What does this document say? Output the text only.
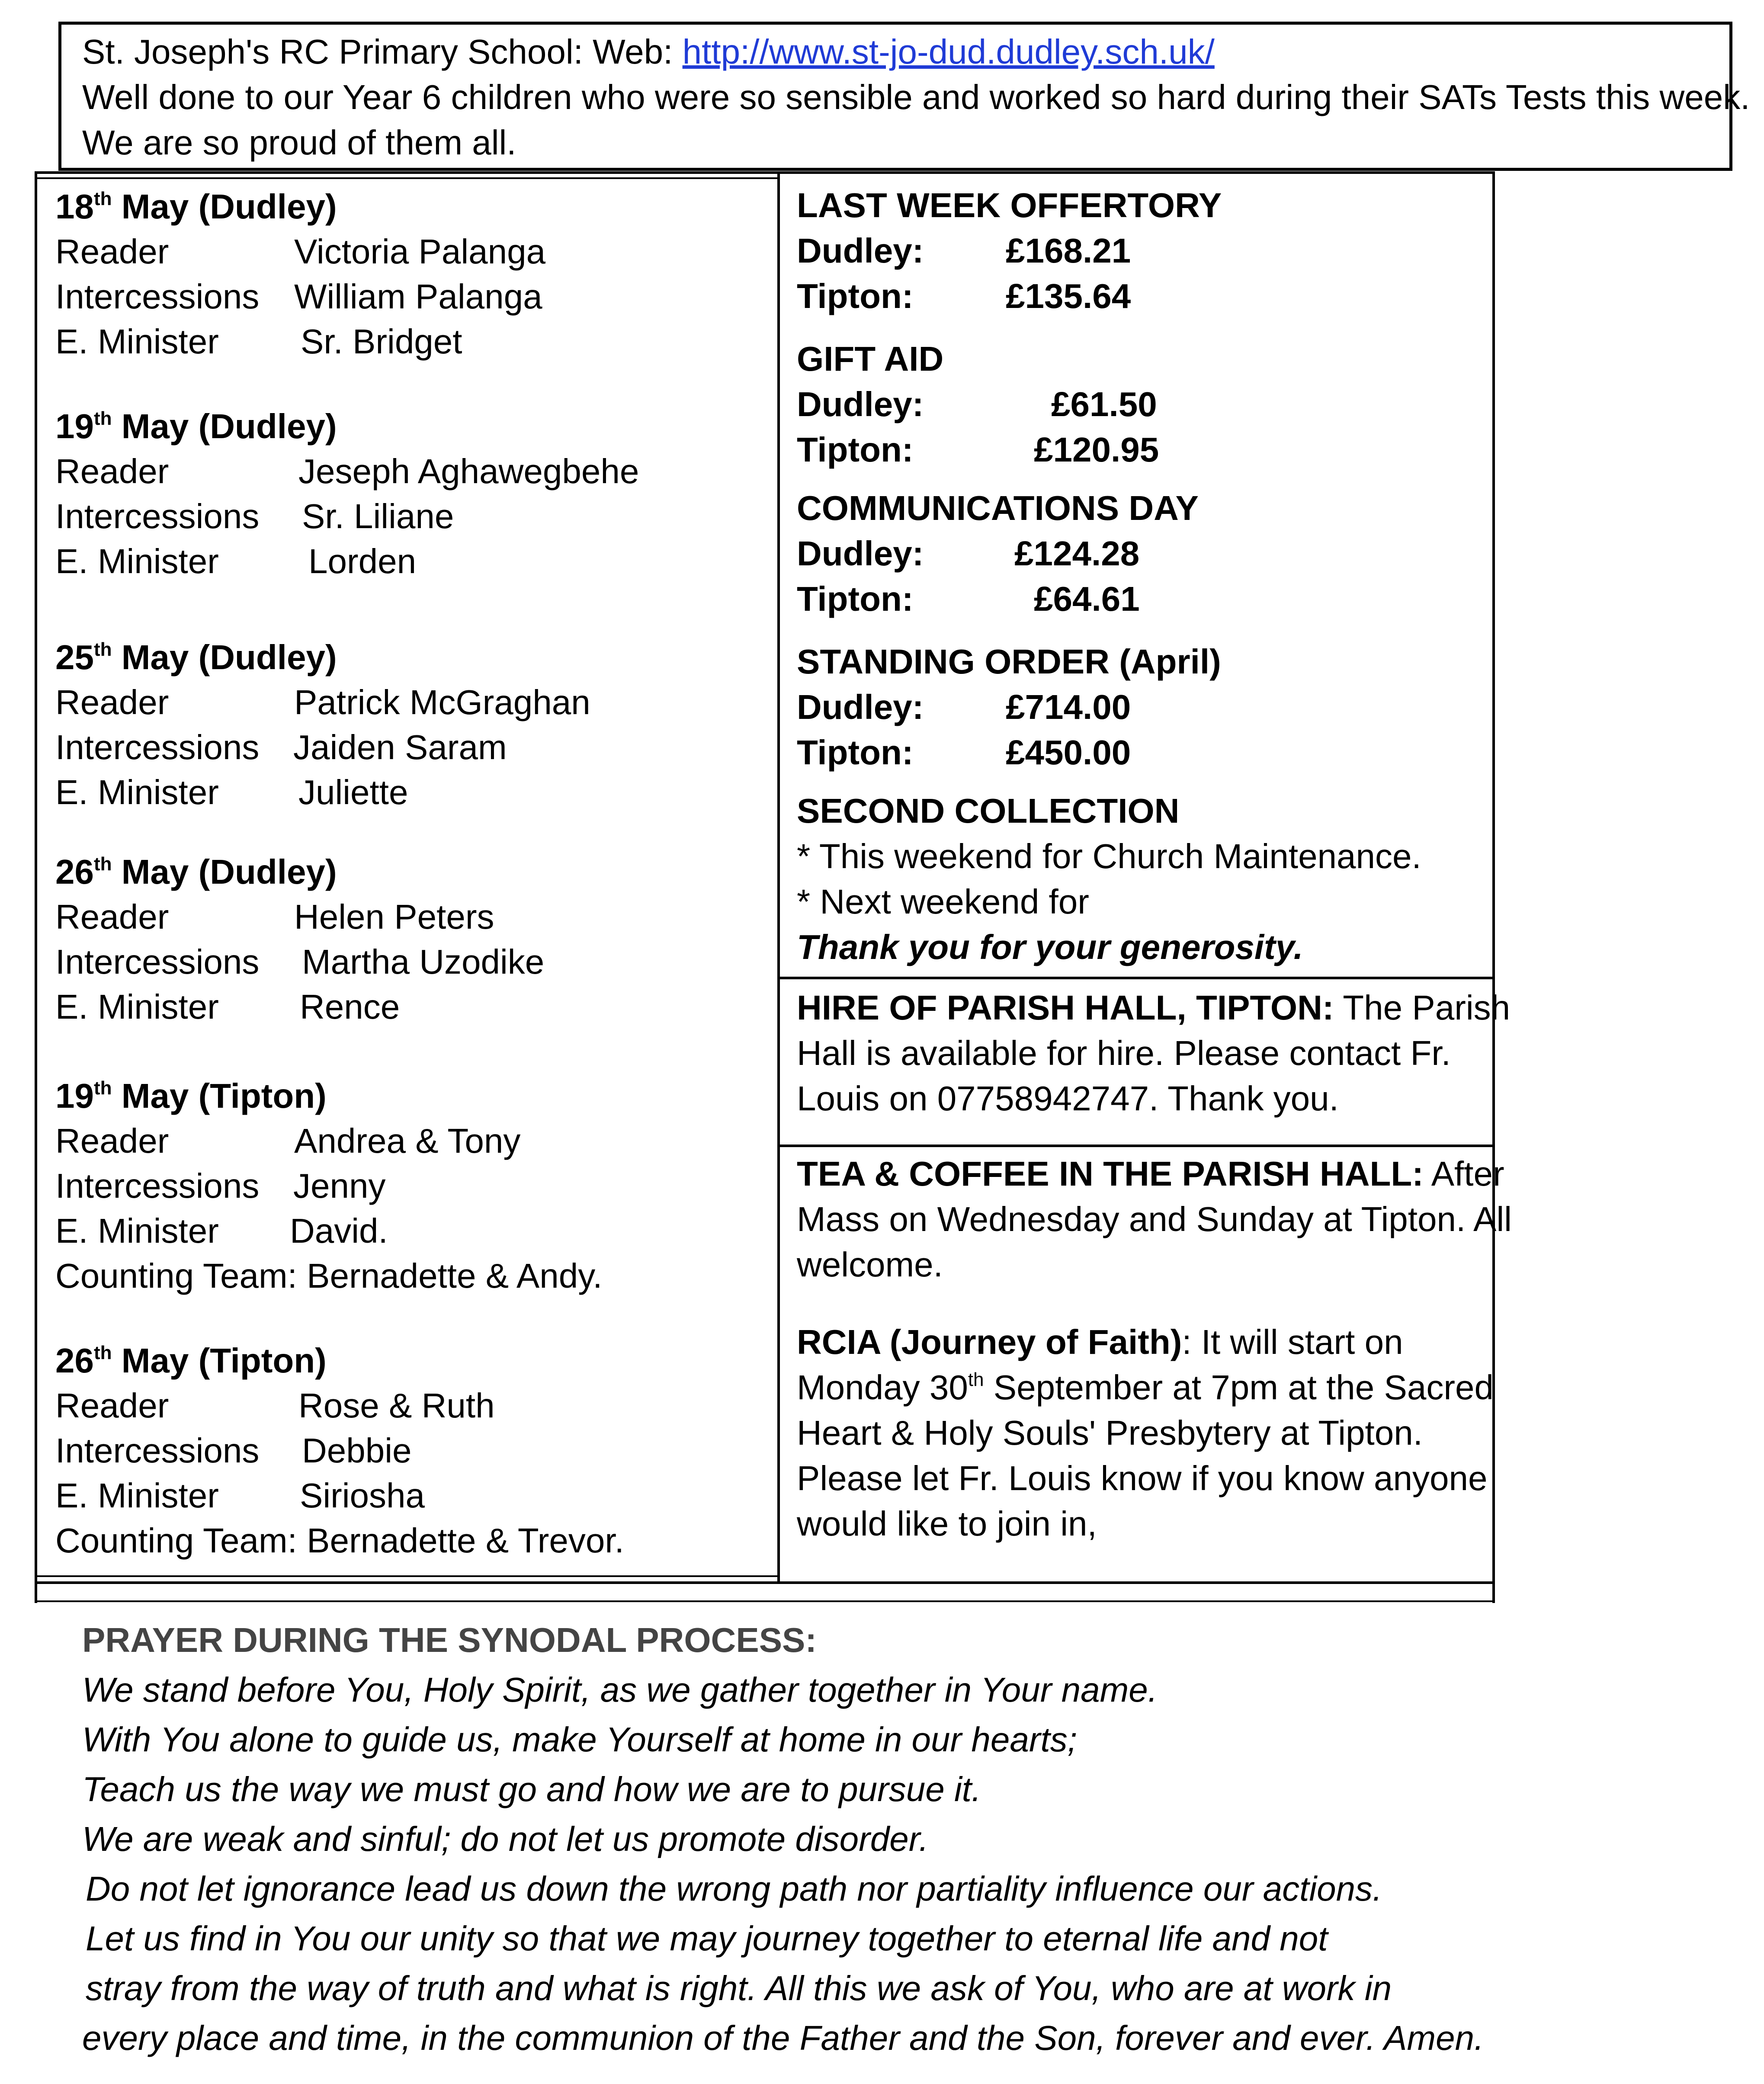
St. Joseph's RC Primary School: Web: http://www.st-jo-dud.dudley.sch.uk/
Well done to our Year 6 children who were so sensible and worked so hard during their SATs Tests this week.
We are so proud of them all.
18th May (Dudley)
Reader	Victoria Palanga
Intercessions William Palanga
E. Minister Sr. Bridget
19th May (Dudley)
Reader	Jeseph Aghawegbehe
Intercessions Sr. Liliane
E. Minister	Lorden
25th May (Dudley)
Reader	Patrick McGraghan
Intercessions Jaiden Saram
E. Minister Juliette
26th May (Dudley)
Reader	Helen Peters
Intercessions Martha Uzodike
E. Minister Rence
19th May (Tipton)
Reader	Andrea & Tony
Intercessions Jenny
E. Minister David.
Counting Team: Bernadette & Andy.
26th May (Tipton)
Reader	Rose & Ruth
Intercessions Debbie
E. Minister Siriosha
Counting Team: Bernadette & Trevor.
LAST WEEK OFFERTORY
Dudley: £168.21
Tipton:	£135.64
GIFT AID
Dudley:	£61.50
Tipton:	£120.95
COMMUNICATIONS DAY
Dudley:	£124.28
Tipton:	£64.61
STANDING ORDER (April)
Dudley: £714.00
Tipton:	£450.00
SECOND COLLECTION
* This weekend for Church Maintenance.
* Next weekend for
Thank you for your generosity.
HIRE OF PARISH HALL, TIPTON: The Parish
Hall is available for hire. Please contact Fr.
Louis on 07758942747. Thank you.
TEA & COFFEE IN THE PARISH HALL: After
Mass on Wednesday and Sunday at Tipton. All
welcome.
RCIA (Journey of Faith): It will start on
Monday 30th September at 7pm at the Sacred
Heart & Holy Souls' Presbytery at Tipton.
Please let Fr. Louis know if you know anyone
would like to join in,
PRAYER DURING THE SYNODAL PROCESS:
We stand before You, Holy Spirit, as we gather together in Your name.
With You alone to guide us, make Yourself at home in our hearts;
Teach us the way we must go and how we are to pursue it.
We are weak and sinful; do not let us promote disorder.
Do not let ignorance lead us down the wrong path nor partiality influence our actions.
Let us find in You our unity so that we may journey together to eternal life and not
stray from the way of truth and what is right. All this we ask of You, who are at work in
every place and time, in the communion of the Father and the Son, forever and ever. Amen.
